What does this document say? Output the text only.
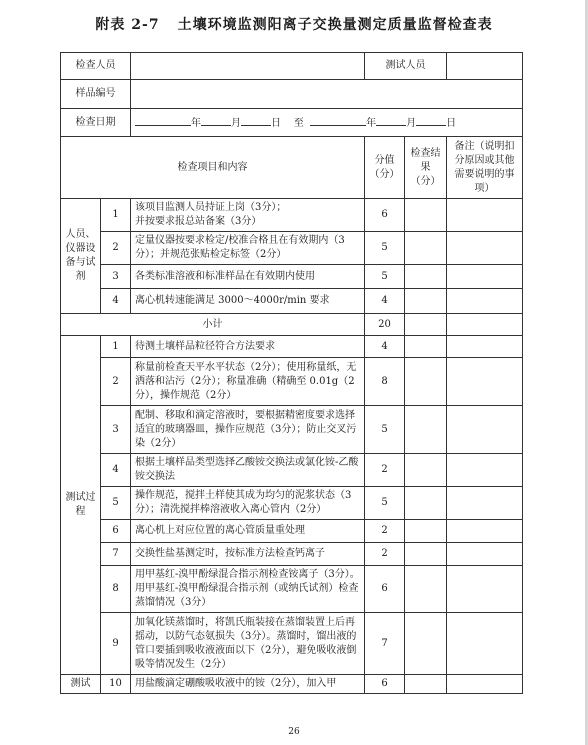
附表 2-7 土壤环境监测阳离子交换量测定质量监督检查表
检查人员			测试人员		
样品编号					
检查日期		年 月 日 至 年 月 日			
检查项目和内容			分值（分）	检查结果（分）	备注（说明扣分原因或其他需要说明的事项）
人员、仪器设备与试剂	1	该项目监测人员持证上岗（3分）；
并按要求报总站备案（3分）	6		
	2	定量仪器按要求检定/校准合格且在有效期内（3分）；并规范张贴检定标签（2分）	5		
	3	各类标准溶液和标准样品在有效期内使用	5		
	4	离心机转速能满足 3000～4000r/min 要求	4		
小计			20		
测试过程	1	待测土壤样品粒径符合方法要求	4		
	2	称量前检查天平水平状态（2分）；使用称量纸，无洒落和沾污（2分）；称量准确（精确至 0.01g（2分），操作规范（2分）	8		
	3	配制、移取和滴定溶液时，要根据精密度要求选择适宜的玻璃器皿，操作应规范（3分）；防止交叉污染（2分）	5		
	4	根据土壤样品类型选择乙酸铵交换法或氯化铵-乙酸铵交换法	2		
	5	操作规范，搅拌土样使其成为均匀的泥浆状态（3分）；清洗搅拌棒溶液收入离心管内（2分）	5		
	6	离心机上对应位置的离心管质量重处理	2		
	7	交换性盐基测定时，按标准方法检查钙离子	2		
	8	用甲基红-溴甲酚绿混合指示剂检查铵离子（3分）。用甲基红-溴甲酚绿混合指示剂（或纳氏试剂）检查蒸馏情况（3分）	6		
	9	加氧化镁蒸馏时，将凯氏瓶装接在蒸馏装置上后再摇动，以防气态氨损失（3分）。蒸馏时，馏出液的管口要插到吸收液液面以下（2分），避免吸收液倒吸等情况发生（2分）	7		
测试	10	用盐酸滴定硼酸吸收液中的铵（2分），加入甲	6		
26
